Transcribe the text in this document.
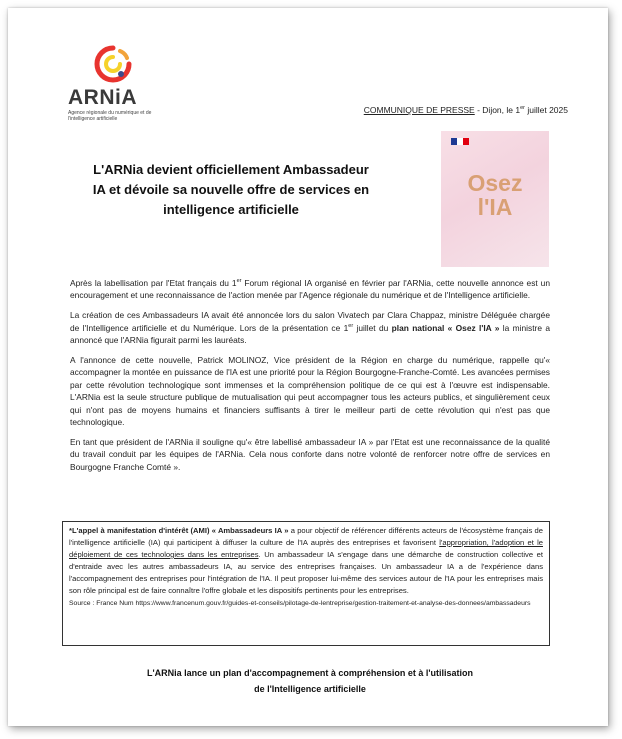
ARNiA
Agence régionale du numérique et de l'intelligence artificielle
COMMUNIQUE DE PRESSE - Dijon, le 1er juillet 2025
L'ARNia devient officiellement Ambassadeur IA et dévoile sa nouvelle offre de services en intelligence artificielle
Osez
l'IA

Après la labellisation par l'Etat français du 1er Forum régional IA organisé en février par l'ARNia, cette nouvelle annonce est un encouragement et une reconnaissance de l'action menée par l'Agence régionale du numérique et de l'Intelligence artificielle.

La création de ces Ambassadeurs IA avait été annoncée lors du salon Vivatech par Clara Chappaz, ministre Déléguée chargée de l'Intelligence artificielle et du Numérique. Lors de la présentation ce 1er juillet du plan national « Osez l'IA » la ministre a annoncé que l'ARNia figurait parmi les lauréats.

A l'annonce de cette nouvelle, Patrick MOLINOZ, Vice président de la Région en charge du numérique, rappelle qu'« accompagner la montée en puissance de l'IA est une priorité pour la Région Bourgogne-Franche-Comté. Les avancées permises par cette révolution technologique sont immenses et la compréhension politique de ce qui est à l'œuvre est indispensable. L'ARNia est la seule structure publique de mutualisation qui peut accompagner tous les acteurs publics, et singulièrement ceux qui n'ont pas de moyens humains et financiers suffisants à tirer le meilleur parti de cette révolution qui n'est pas que technologique.

En tant que président de l'ARNia il souligne qu'« être labellisé ambassadeur IA » par l'Etat est une reconnaissance de la qualité du travail conduit par les équipes de l'ARNia. Cela nous conforte dans notre volonté de renforcer notre offre de services en Bourgogne Franche Comté ».

*L'appel à manifestation d'intérêt (AMI) « Ambassadeurs IA » a pour objectif de référencer différents acteurs de l'écosystème français de l'intelligence artificielle (IA) qui participent à diffuser la culture de l'IA auprès des entreprises et favorisent l'appropriation, l'adoption et le déploiement de ces technologies dans les entreprises. Un ambassadeur IA s'engage dans une démarche de construction collective et d'entraide avec les autres ambassadeurs IA, au service des entreprises françaises. Un ambassadeur IA a de l'expérience dans l'accompagnement des entreprises pour l'intégration de l'IA. Il peut proposer lui-même des services autour de l'IA pour les entreprises mais son rôle principal est de faire connaître l'offre globale et les dispositifs pertinents pour les entreprises.
Source : France Num https://www.francenum.gouv.fr/guides-et-conseils/pilotage-de-lentreprise/gestion-traitement-et-analyse-des-donnees/ambassadeurs
L'ARNia lance un plan d'accompagnement à compréhension et à l'utilisation
de l'Intelligence artificielle
